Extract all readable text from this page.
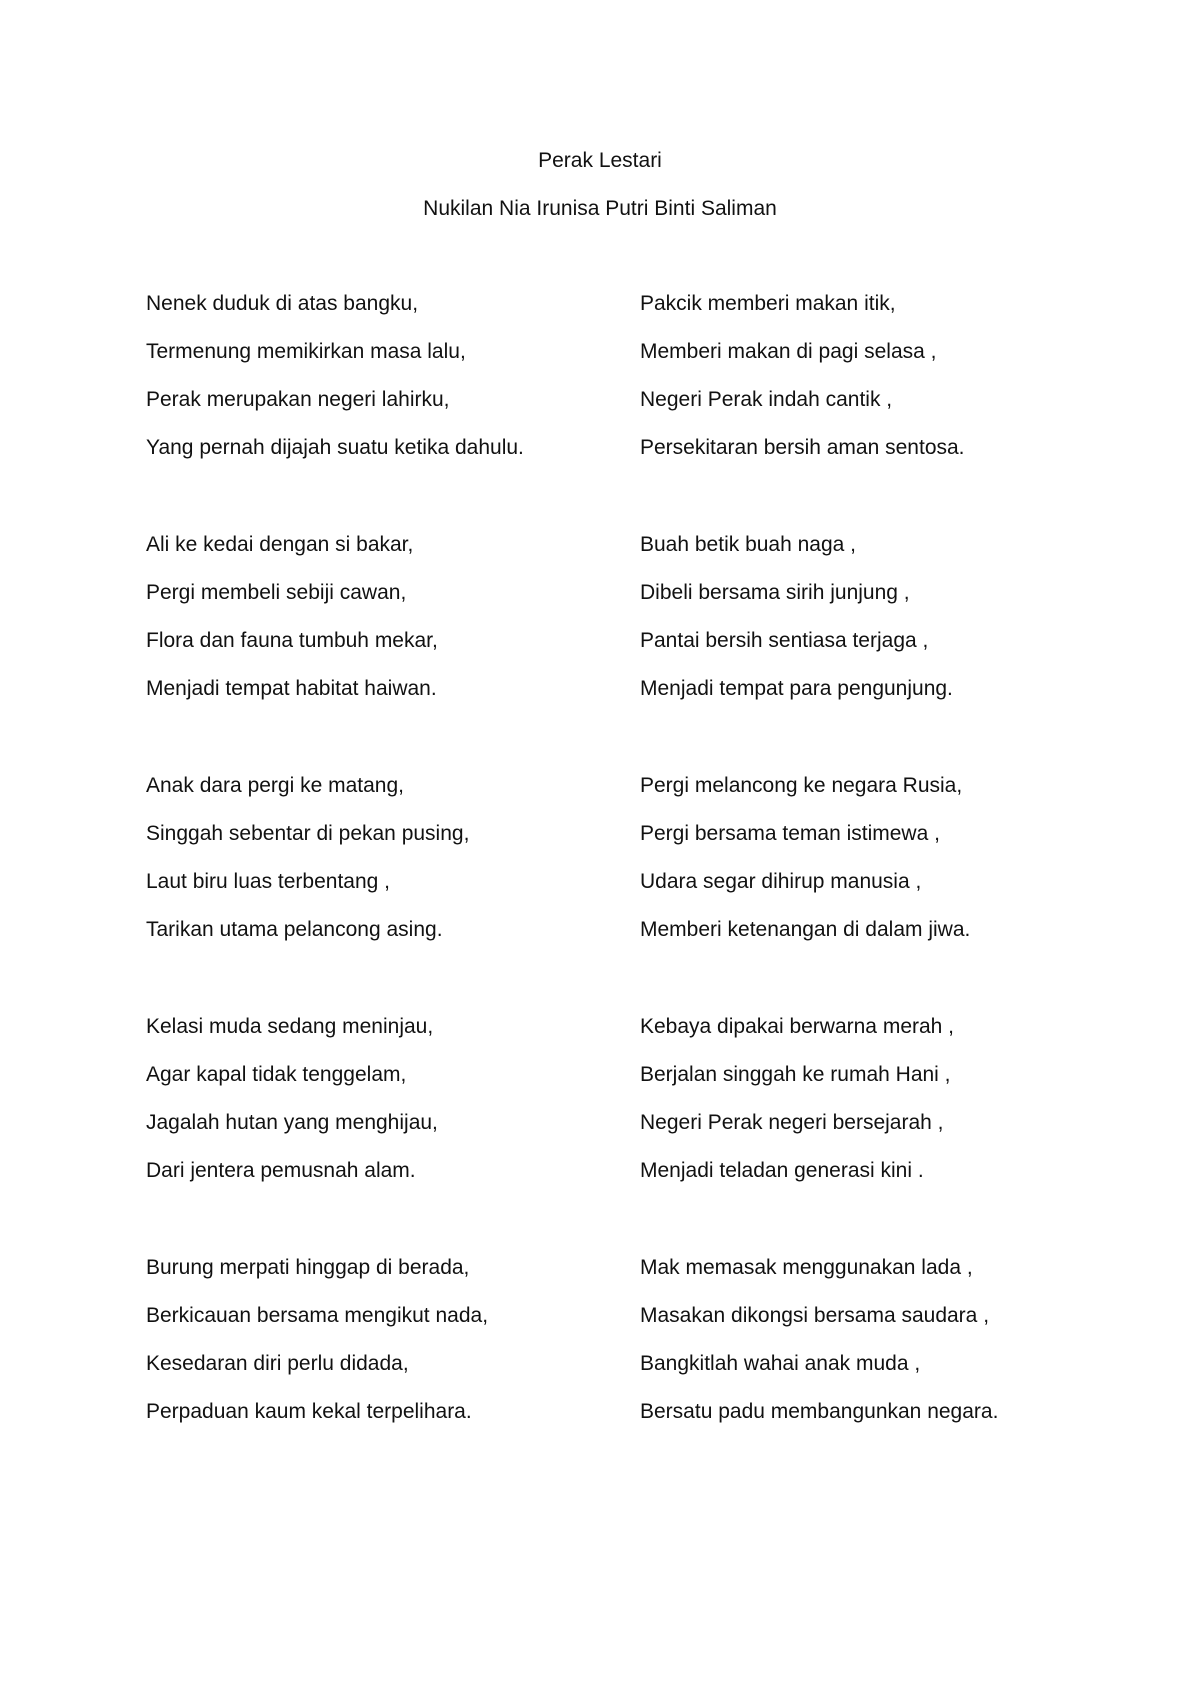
Perak Lestari
Nukilan Nia Irunisa Putri Binti Saliman
Nenek duduk di atas bangku,
Termenung memikirkan masa lalu,
Perak merupakan negeri lahirku,
Yang pernah dijajah suatu ketika dahulu.
Pakcik memberi makan itik,
Memberi makan di pagi selasa ,
Negeri Perak indah cantik ,
Persekitaran bersih aman sentosa.
Ali ke kedai dengan si bakar,
Pergi membeli sebiji cawan,
Flora dan fauna tumbuh mekar,
Menjadi tempat habitat haiwan.
Buah betik buah naga ,
Dibeli bersama sirih junjung ,
Pantai bersih sentiasa terjaga ,
Menjadi tempat para pengunjung.
Anak dara pergi ke matang,
Singgah sebentar di pekan pusing,
Laut biru luas terbentang ,
Tarikan utama pelancong asing.
Pergi melancong ke negara Rusia,
Pergi bersama teman istimewa ,
Udara segar dihirup manusia ,
Memberi ketenangan di dalam jiwa.
Kelasi muda sedang meninjau,
Agar kapal tidak tenggelam,
Jagalah hutan yang menghijau,
Dari jentera pemusnah alam.
Kebaya dipakai berwarna merah ,
Berjalan singgah ke rumah Hani ,
Negeri Perak negeri bersejarah ,
Menjadi teladan generasi kini .
Burung merpati hinggap di berada,
Berkicauan bersama mengikut nada,
Kesedaran diri perlu didada,
Perpaduan kaum kekal terpelihara.
Mak memasak menggunakan lada ,
Masakan dikongsi bersama saudara ,
Bangkitlah wahai anak muda ,
Bersatu padu membangunkan negara.
